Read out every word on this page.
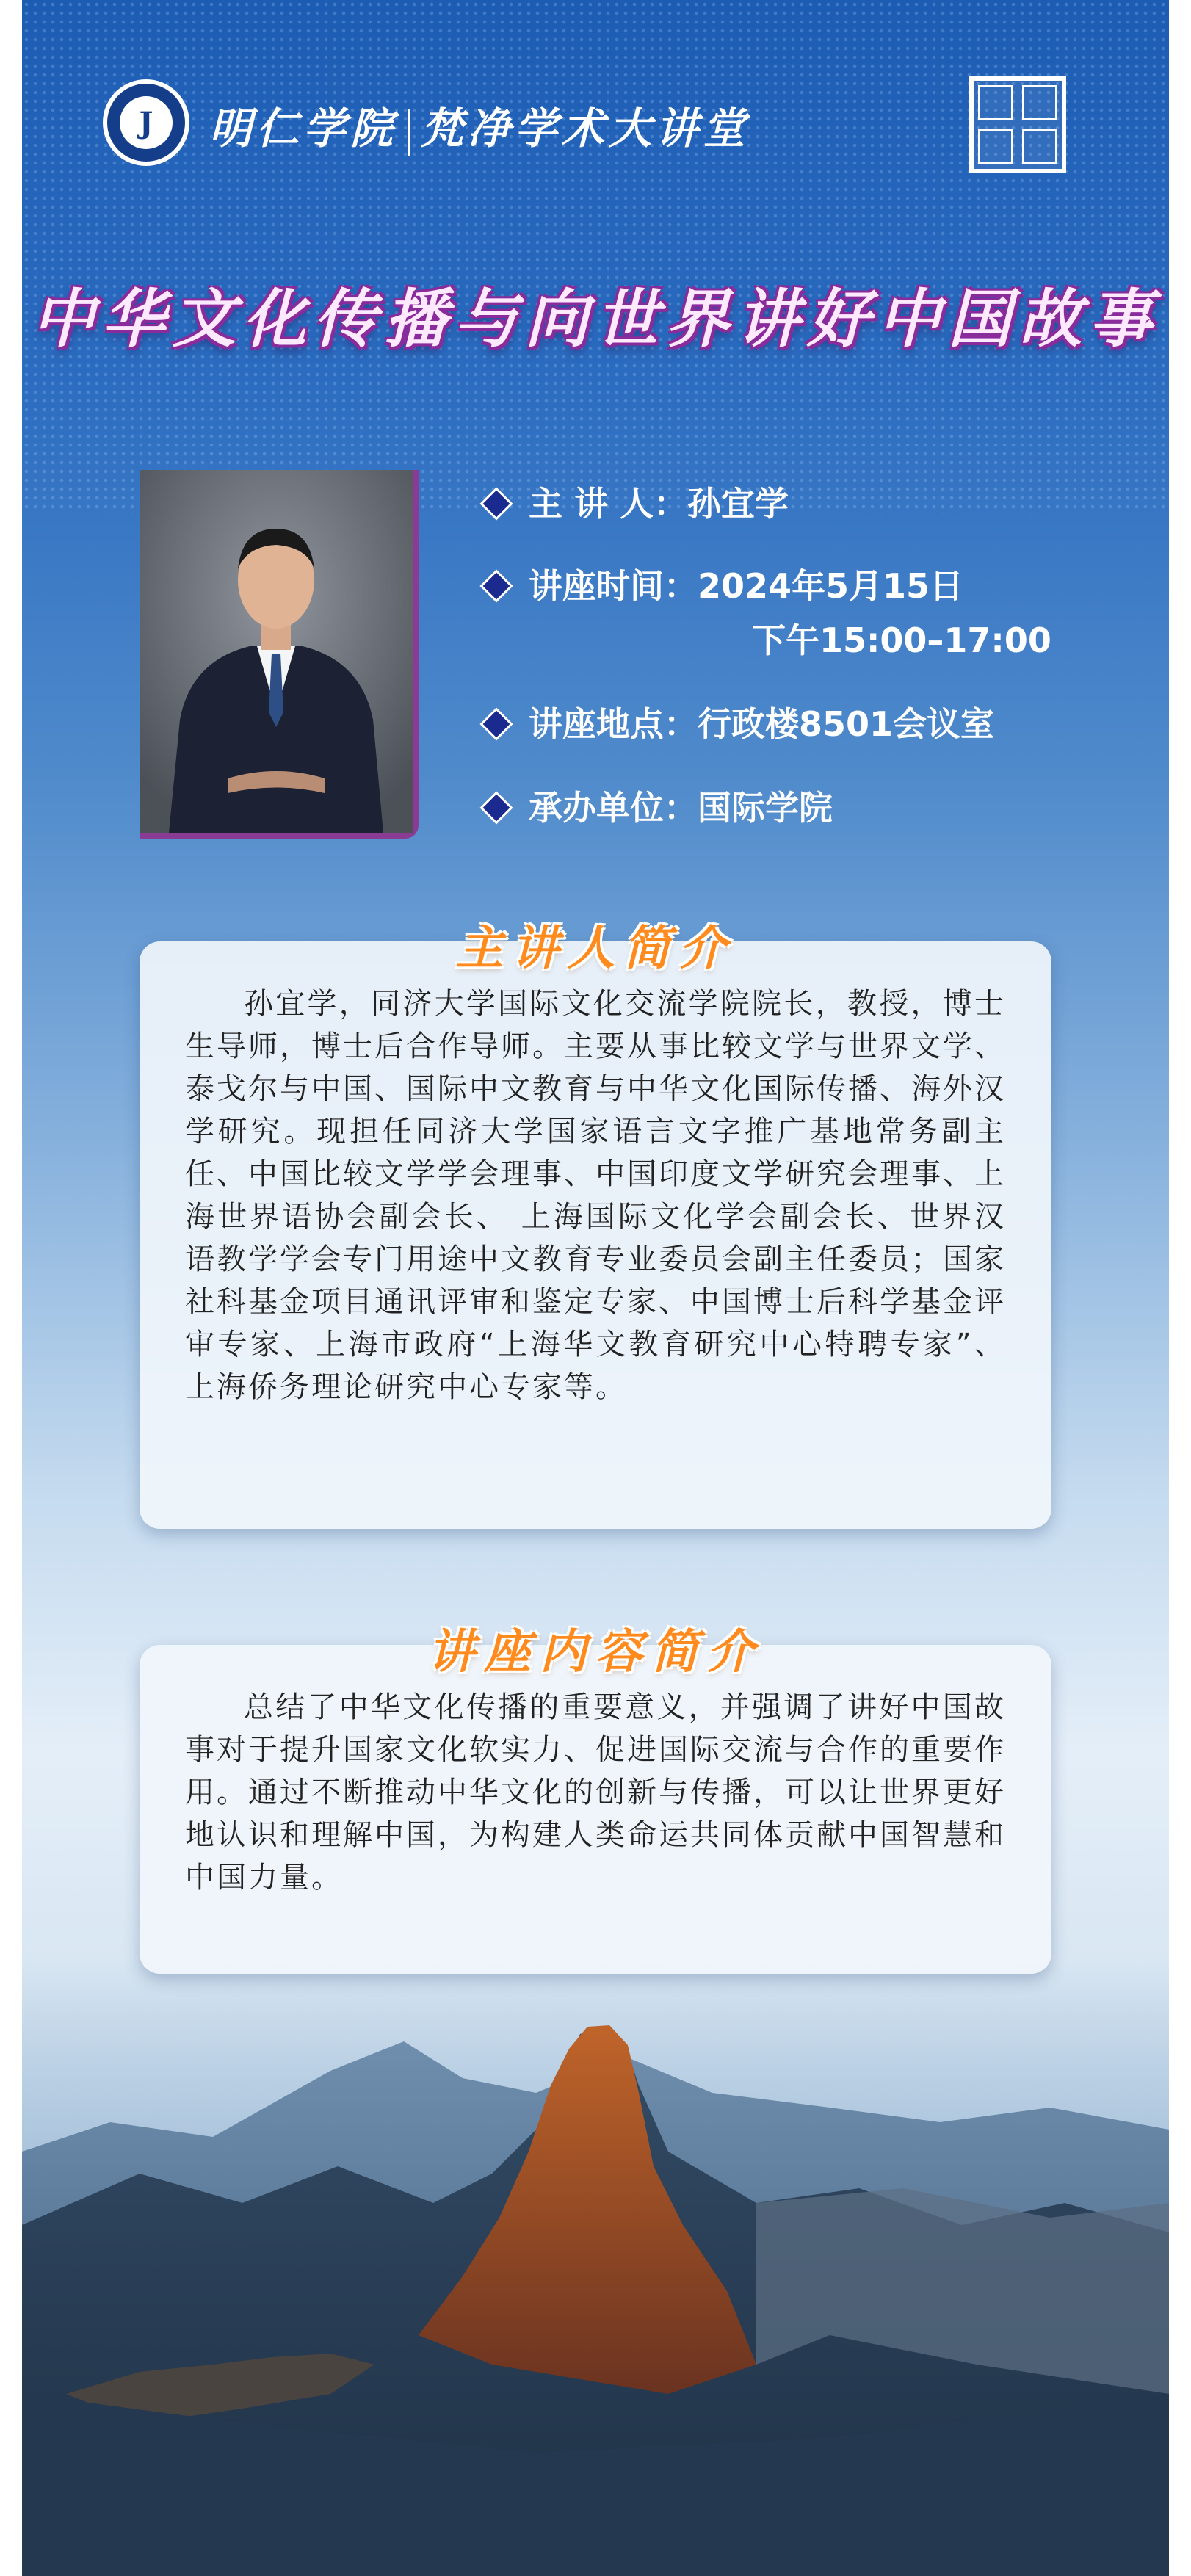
J 明仁学院 梵净学术大讲堂
中华文化传播与向世界讲好中国故事
主 讲 人：孙宜学
讲座时间：2024年5月15日
下午15:00–17:00
讲座地点：行政楼8501会议室
承办单位：国际学院
主讲人简介

孙宜学，同济大学国际文化交流学院院长，教授，博士生导师，博士后合作导师。主要从事比较文学与世界文学、泰戈尔与中国、国际中文教育与中华文化国际传播、海外汉学研究。现担任同济大学国家语言文字推广基地常务副主任、中国比较文学学会理事、中国印度文学研究会理事、上海世界语协会副会长、 上海国际文化学会副会长、世界汉语教学学会专门用途中文教育专业委员会副主任委员；国家社科基金项目通讯评审和鉴定专家、中国博士后科学基金评审专家、上海市政府“上海华文教育研究中心特聘专家”、上海侨务理论研究中心专家等。

讲座内容简介

总结了中华文化传播的重要意义，并强调了讲好中国故事对于提升国家文化软实力、促进国际交流与合作的重要作用。通过不断推动中华文化的创新与传播，可以让世界更好地认识和理解中国，为构建人类命运共同体贡献中国智慧和中国力量。
